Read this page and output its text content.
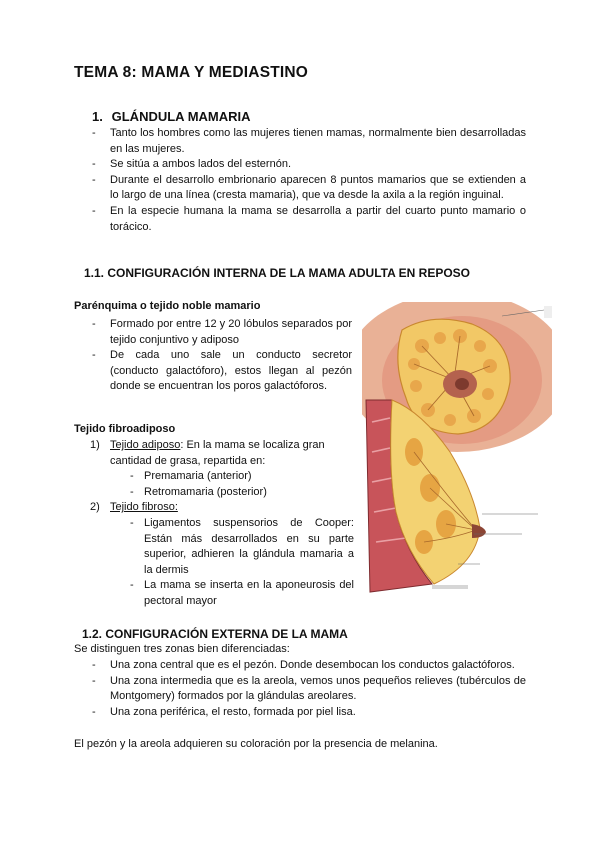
TEMA 8: MAMA Y MEDIASTINO
1. GLÁNDULA MAMARIA
- Tanto los hombres como las mujeres tienen mamas, normalmente bien desarrolladas en las mujeres.
- Se sitúa a ambos lados del esternón.
- Durante el desarrollo embrionario aparecen 8 puntos mamarios que se extienden a lo largo de una línea (cresta mamaria), que va desde la axila a la región inguinal.
- En la especie humana la mama se desarrolla a partir del cuarto punto mamario o torácico.
1.1. CONFIGURACIÓN INTERNA DE LA MAMA ADULTA EN REPOSO
Parénquima o tejido noble mamario
- Formado por entre 12 y 20 lóbulos separados por tejido conjuntivo y adiposo
- De cada uno sale un conducto secretor (conducto galactóforo), estos llegan al pezón donde se encuentran los poros galactóforos.
Tejido fibroadiposo
1) Tejido adiposo: En la mama se localiza gran cantidad de grasa, repartida en:
- Premamaria (anterior)
- Retromamaria (posterior)
2) Tejido fibroso:
- Ligamentos suspensorios de Cooper: Están más desarrollados en su parte superior, adhieren la glándula mamaria a la dermis
- La mama se inserta en la aponeurosis del pectoral mayor
1.2. CONFIGURACIÓN EXTERNA DE LA MAMA
Se distinguen tres zonas bien diferenciadas:
- Una zona central que es el pezón. Donde desembocan los conductos galactóforos.
- Una zona intermedia que es la areola, vemos unos pequeños relieves (tubérculos de Montgomery) formados por la glándulas areolares.
- Una zona periférica, el resto, formada por piel lisa.
El pezón y la areola adquieren su coloración por la presencia de melanina.
